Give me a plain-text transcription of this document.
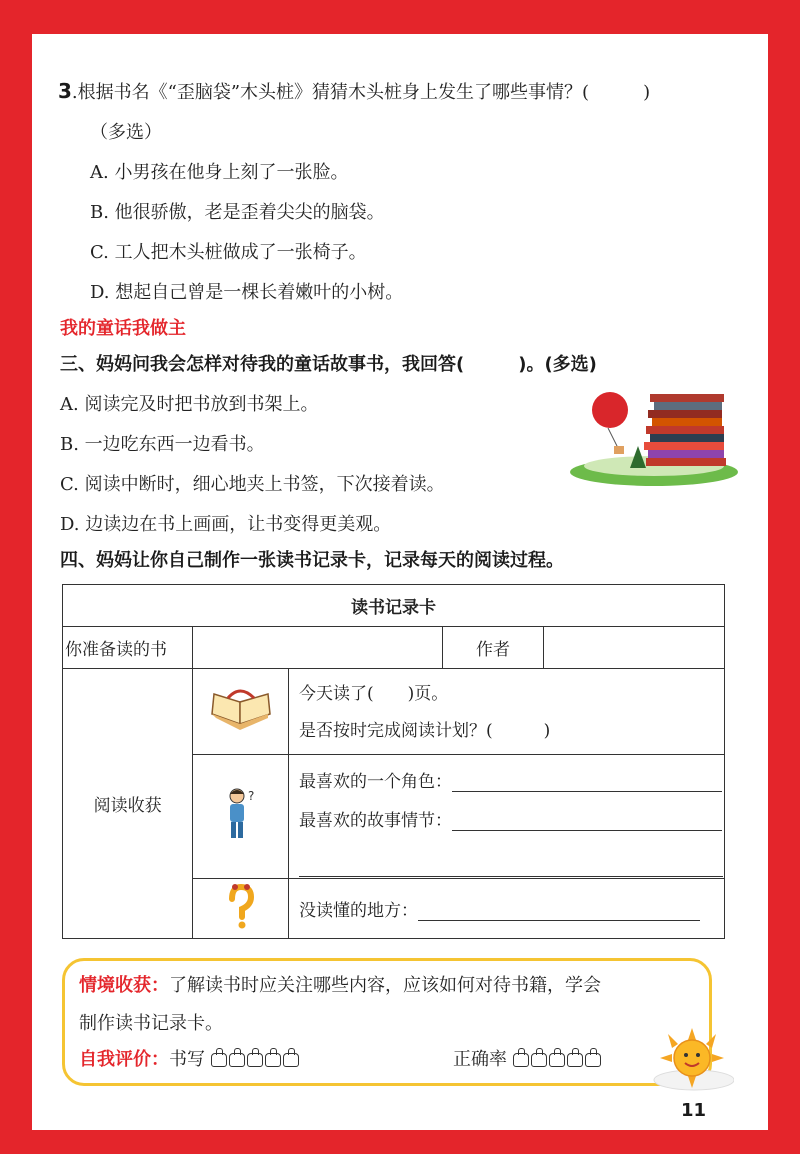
3.根据书名《“歪脑袋”木头桩》猜猜木头桩身上发生了哪些事情？(　　　)
（多选）
A. 小男孩在他身上刻了一张脸。
B. 他很骄傲，老是歪着尖尖的脑袋。
C. 工人把木头桩做成了一张椅子。
D. 想起自己曾是一棵长着嫩叶的小树。
我的童话我做主
三、妈妈问我会怎样对待我的童话故事书，我回答(　　　)。(多选)
A. 阅读完及时把书放到书架上。
B. 一边吃东西一边看书。
C. 阅读中断时，细心地夹上书签，下次接着读。
D. 边读边在书上画画，让书变得更美观。
四、妈妈让你自己制作一张读书记录卡，记录每天的阅读过程。
读书记录卡				
你准备读的书			作者	
阅读收获		今天读了(　　)页。
是否按时完成阅读计划？(　　　)		

?	最喜欢的一个角色：
最喜欢的故事情节：		

	没读懂的地方：		
情境收获：了解读书时应关注哪些内容，应该如何对待书籍，学会
制作读书记录卡。
自我评价：书写	正确率
11
